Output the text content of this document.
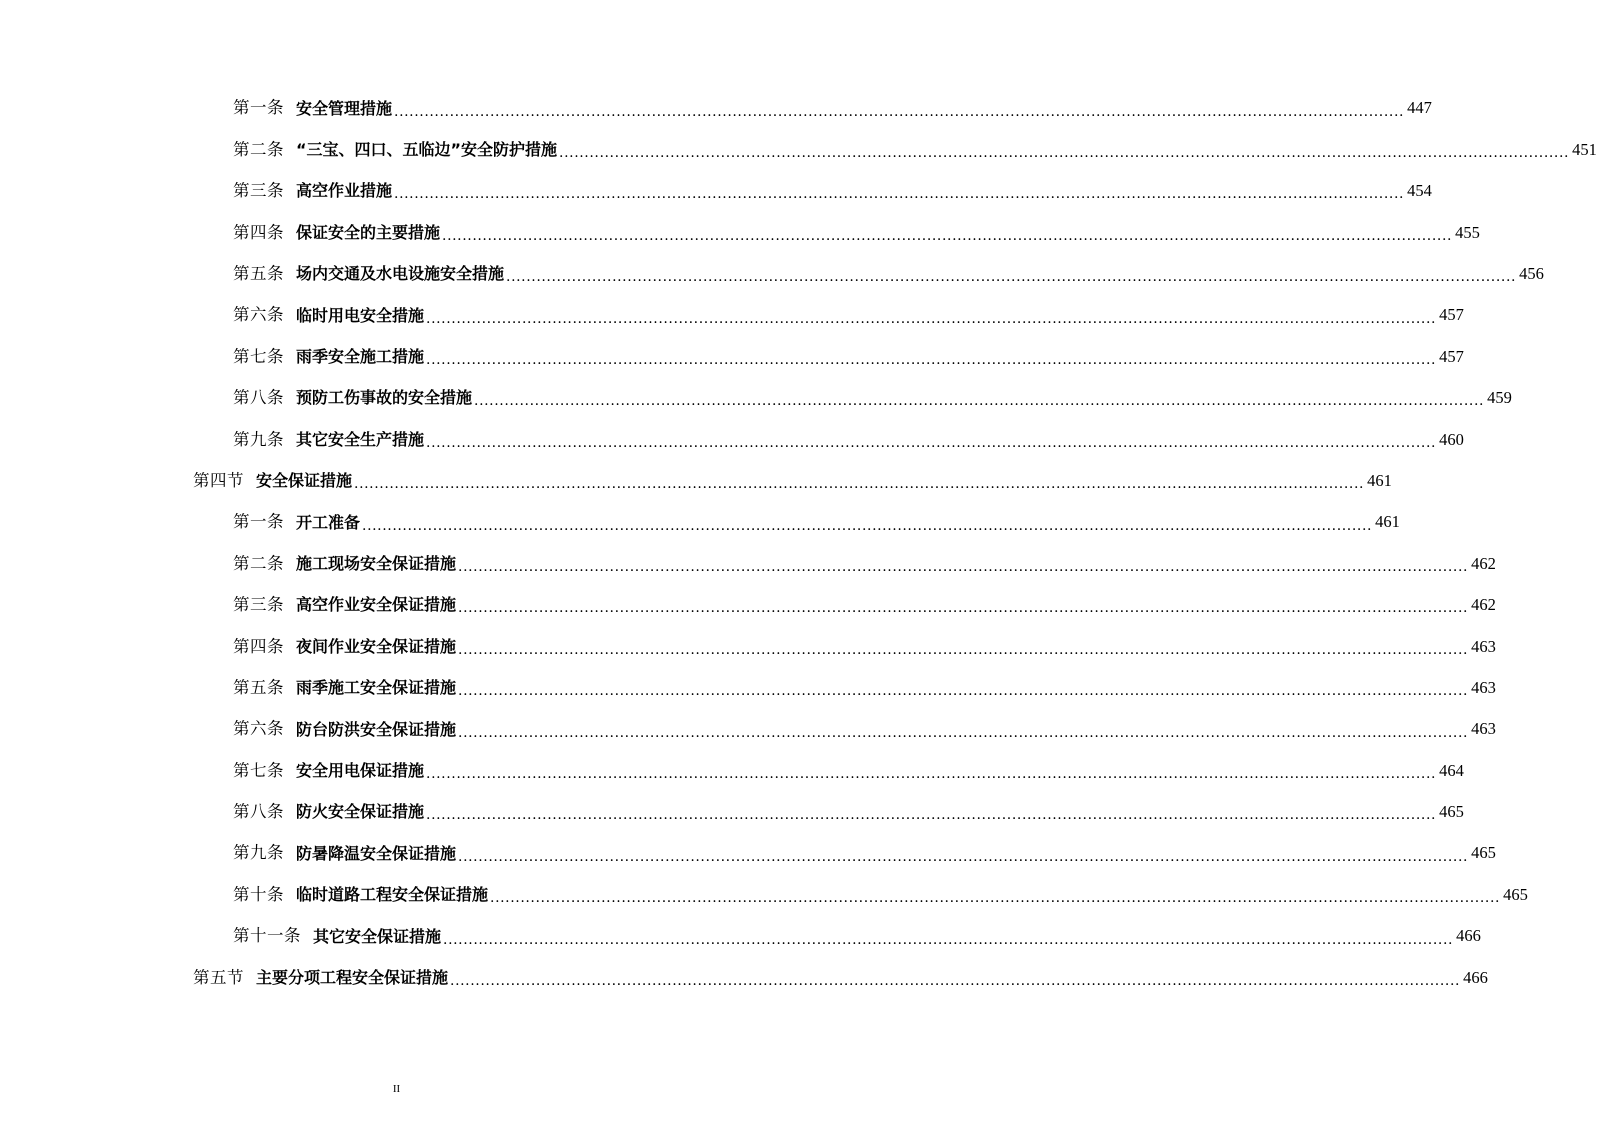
第一条 安全管理措施 ........................................................................................................................................................................................................ 447
第二条 “三宝、四口、五临边”安全防护措施 ........................................................................................................................................................................................................ 451
第三条 高空作业措施 ........................................................................................................................................................................................................ 454
第四条 保证安全的主要措施 ........................................................................................................................................................................................................ 455
第五条 场内交通及水电设施安全措施 ........................................................................................................................................................................................................ 456
第六条 临时用电安全措施 ........................................................................................................................................................................................................ 457
第七条 雨季安全施工措施 ........................................................................................................................................................................................................ 457
第八条 预防工伤事故的安全措施 ........................................................................................................................................................................................................ 459
第九条 其它安全生产措施 ........................................................................................................................................................................................................ 460
第四节 安全保证措施 ........................................................................................................................................................................................................ 461
第一条 开工准备 ........................................................................................................................................................................................................ 461
第二条 施工现场安全保证措施 ........................................................................................................................................................................................................ 462
第三条 高空作业安全保证措施 ........................................................................................................................................................................................................ 462
第四条 夜间作业安全保证措施 ........................................................................................................................................................................................................ 463
第五条 雨季施工安全保证措施 ........................................................................................................................................................................................................ 463
第六条 防台防洪安全保证措施 ........................................................................................................................................................................................................ 463
第七条 安全用电保证措施 ........................................................................................................................................................................................................ 464
第八条 防火安全保证措施 ........................................................................................................................................................................................................ 465
第九条 防暑降温安全保证措施 ........................................................................................................................................................................................................ 465
第十条 临时道路工程安全保证措施 ........................................................................................................................................................................................................ 465
第十一条 其它安全保证措施 ........................................................................................................................................................................................................ 466
第五节 主要分项工程安全保证措施 ........................................................................................................................................................................................................ 466
II
